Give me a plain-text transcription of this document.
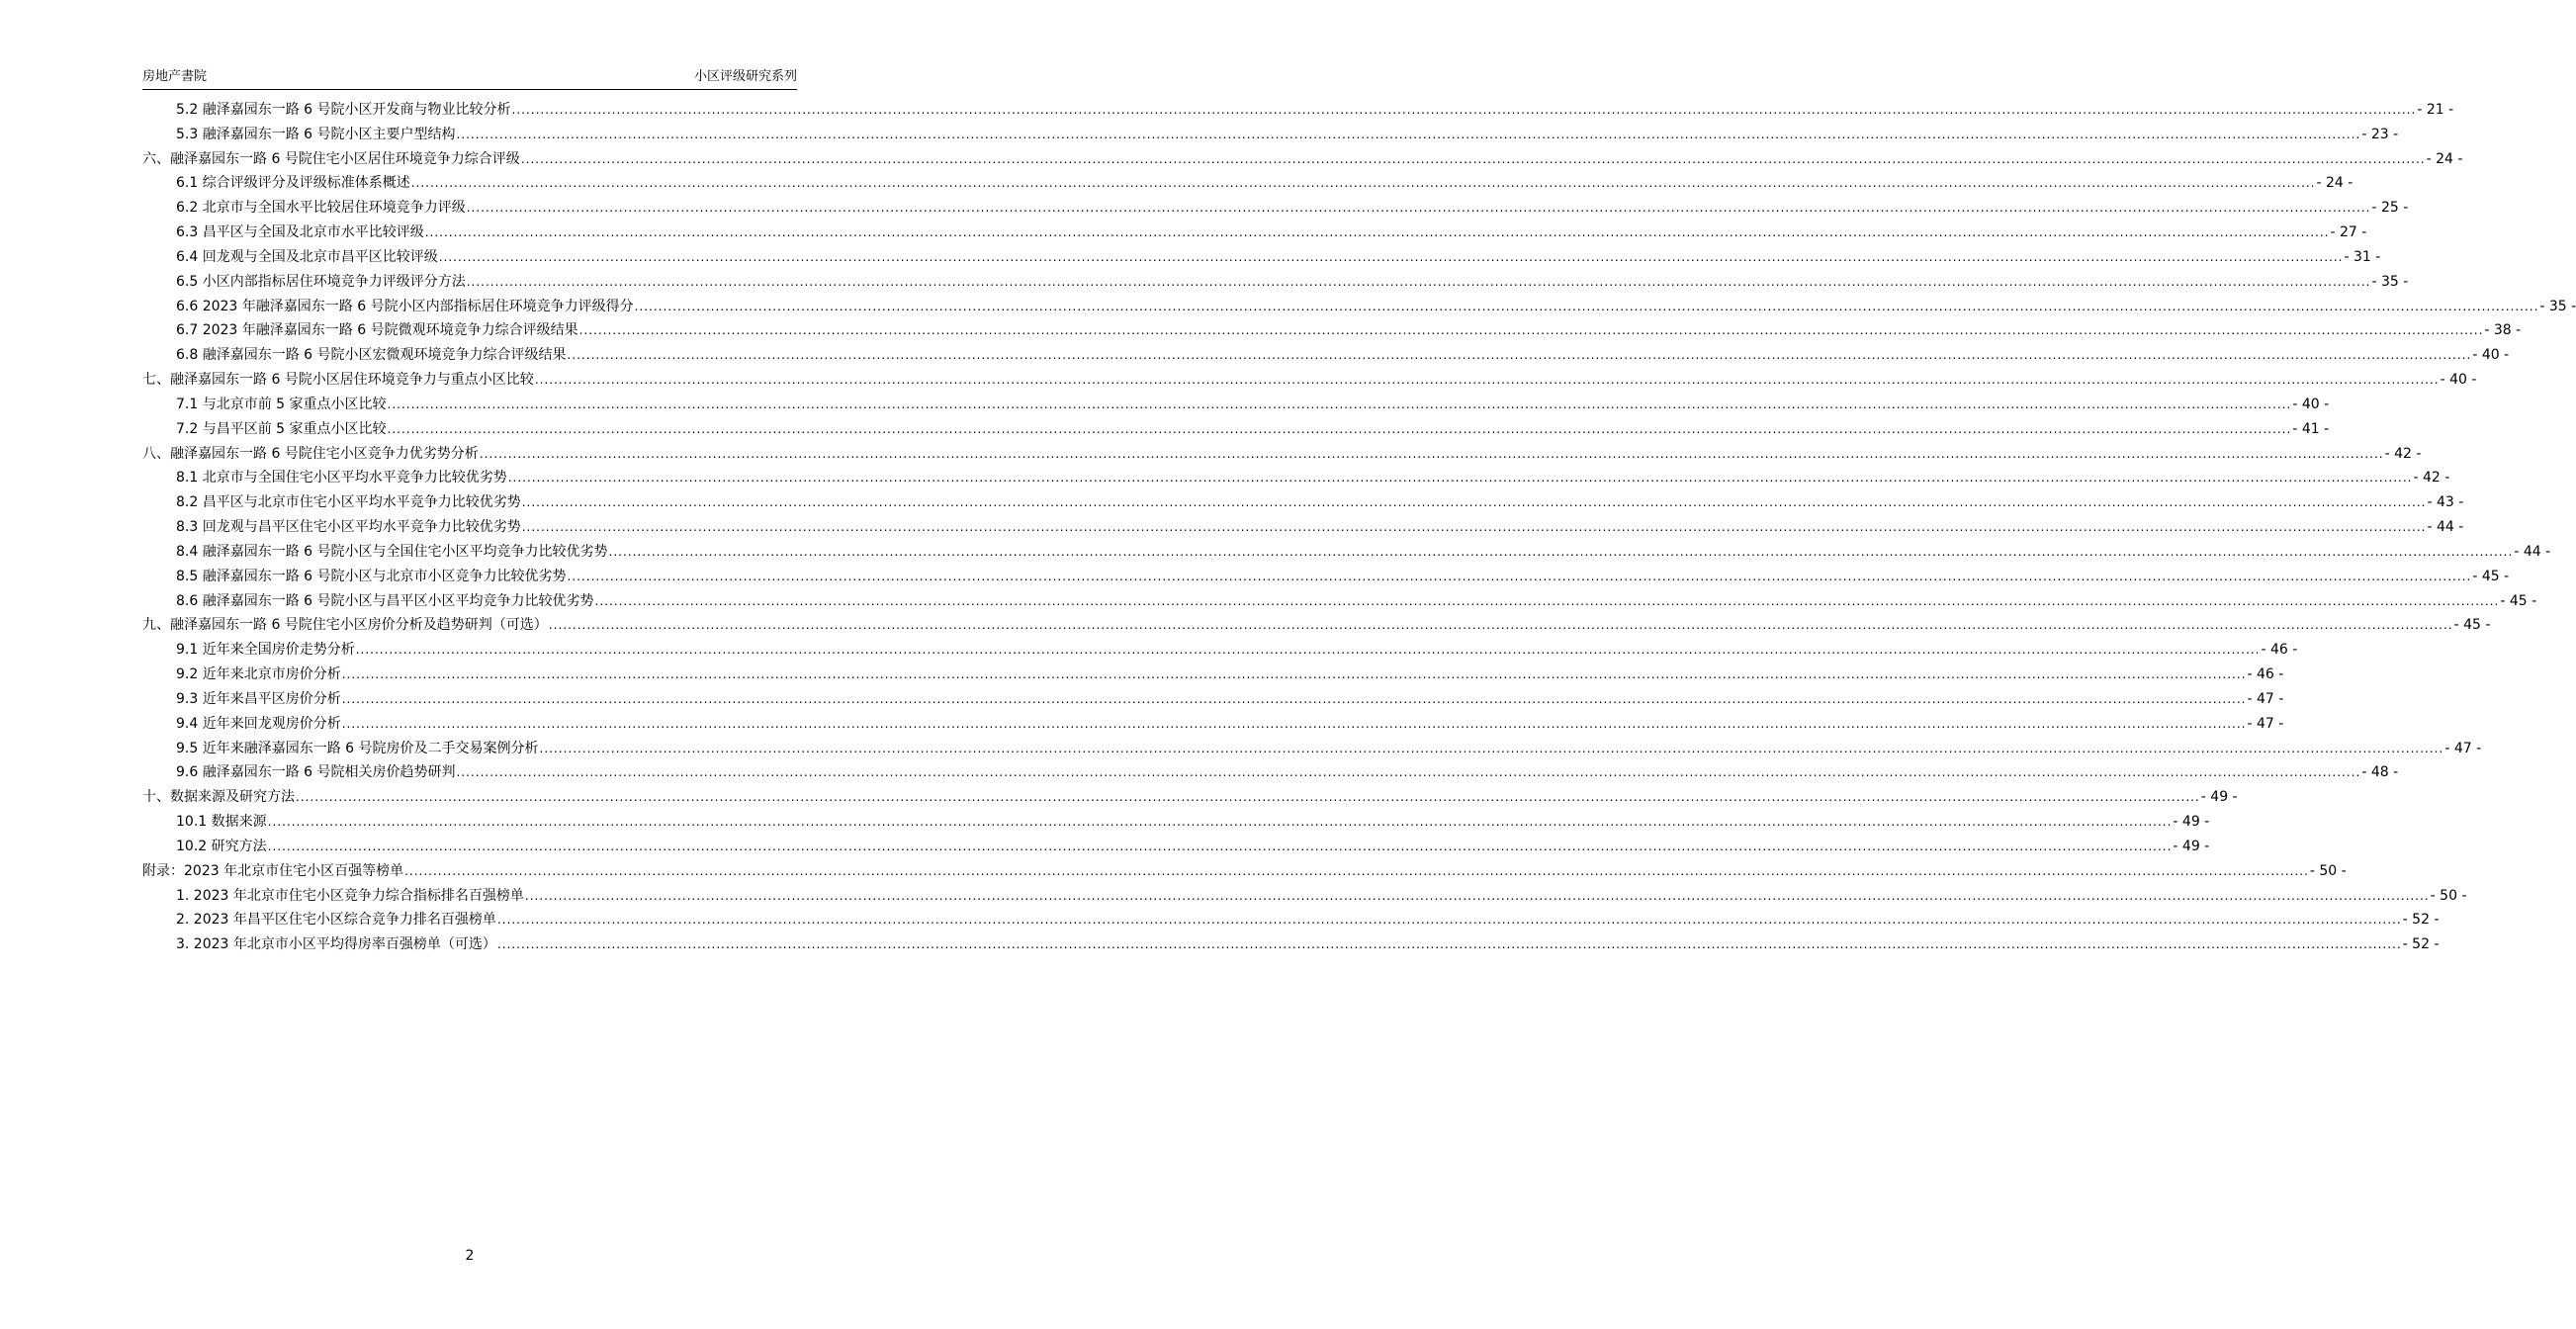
房地产書院	小区评级研究系列
5.2 融泽嘉园东一路 6 号院小区开发商与物业比较分析 ................................................................................................................................................................................................................................................................................................................................................................................................................ - 21 -
5.3 融泽嘉园东一路 6 号院小区主要户型结构 ................................................................................................................................................................................................................................................................................................................................................................................................................ - 23 -
六、融泽嘉园东一路 6 号院住宅小区居住环境竞争力综合评级 ................................................................................................................................................................................................................................................................................................................................................................................................................ - 24 -
6.1 综合评级评分及评级标准体系概述 ................................................................................................................................................................................................................................................................................................................................................................................................................ - 24 -
6.2 北京市与全国水平比较居住环境竞争力评级 ................................................................................................................................................................................................................................................................................................................................................................................................................ - 25 -
6.3 昌平区与全国及北京市水平比较评级 ................................................................................................................................................................................................................................................................................................................................................................................................................ - 27 -
6.4 回龙观与全国及北京市昌平区比较评级 ................................................................................................................................................................................................................................................................................................................................................................................................................ - 31 -
6.5 小区内部指标居住环境竞争力评级评分方法 ................................................................................................................................................................................................................................................................................................................................................................................................................ - 35 -
6.6 2023 年融泽嘉园东一路 6 号院小区内部指标居住环境竞争力评级得分 ................................................................................................................................................................................................................................................................................................................................................................................................................ - 35 -
6.7 2023 年融泽嘉园东一路 6 号院微观环境竞争力综合评级结果 ................................................................................................................................................................................................................................................................................................................................................................................................................ - 38 -
6.8 融泽嘉园东一路 6 号院小区宏微观环境竞争力综合评级结果 ................................................................................................................................................................................................................................................................................................................................................................................................................ - 40 -
七、融泽嘉园东一路 6 号院小区居住环境竞争力与重点小区比较 ................................................................................................................................................................................................................................................................................................................................................................................................................ - 40 -
7.1 与北京市前 5 家重点小区比较 ................................................................................................................................................................................................................................................................................................................................................................................................................ - 40 -
7.2 与昌平区前 5 家重点小区比较 ................................................................................................................................................................................................................................................................................................................................................................................................................ - 41 -
八、融泽嘉园东一路 6 号院住宅小区竞争力优劣势分析 ................................................................................................................................................................................................................................................................................................................................................................................................................ - 42 -
8.1 北京市与全国住宅小区平均水平竞争力比较优劣势 ................................................................................................................................................................................................................................................................................................................................................................................................................ - 42 -
8.2 昌平区与北京市住宅小区平均水平竞争力比较优劣势 ................................................................................................................................................................................................................................................................................................................................................................................................................ - 43 -
8.3 回龙观与昌平区住宅小区平均水平竞争力比较优劣势 ................................................................................................................................................................................................................................................................................................................................................................................................................ - 44 -
8.4 融泽嘉园东一路 6 号院小区与全国住宅小区平均竞争力比较优劣势 ................................................................................................................................................................................................................................................................................................................................................................................................................ - 44 -
8.5 融泽嘉园东一路 6 号院小区与北京市小区竞争力比较优劣势 ................................................................................................................................................................................................................................................................................................................................................................................................................ - 45 -
8.6 融泽嘉园东一路 6 号院小区与昌平区小区平均竞争力比较优劣势 ................................................................................................................................................................................................................................................................................................................................................................................................................ - 45 -
九、融泽嘉园东一路 6 号院住宅小区房价分析及趋势研判（可选） ................................................................................................................................................................................................................................................................................................................................................................................................................ - 45 -
9.1 近年来全国房价走势分析 ................................................................................................................................................................................................................................................................................................................................................................................................................ - 46 -
9.2 近年来北京市房价分析 ................................................................................................................................................................................................................................................................................................................................................................................................................ - 46 -
9.3 近年来昌平区房价分析 ................................................................................................................................................................................................................................................................................................................................................................................................................ - 47 -
9.4 近年来回龙观房价分析 ................................................................................................................................................................................................................................................................................................................................................................................................................ - 47 -
9.5 近年来融泽嘉园东一路 6 号院房价及二手交易案例分析 ................................................................................................................................................................................................................................................................................................................................................................................................................ - 47 -
9.6 融泽嘉园东一路 6 号院相关房价趋势研判 ................................................................................................................................................................................................................................................................................................................................................................................................................ - 48 -
十、数据来源及研究方法 ................................................................................................................................................................................................................................................................................................................................................................................................................ - 49 -
10.1 数据来源 ................................................................................................................................................................................................................................................................................................................................................................................................................ - 49 -
10.2 研究方法 ................................................................................................................................................................................................................................................................................................................................................................................................................ - 49 -
附录：2023 年北京市住宅小区百强等榜单 ................................................................................................................................................................................................................................................................................................................................................................................................................ - 50 -
1. 2023 年北京市住宅小区竞争力综合指标排名百强榜单 ................................................................................................................................................................................................................................................................................................................................................................................................................ - 50 -
2. 2023 年昌平区住宅小区综合竞争力排名百强榜单 ................................................................................................................................................................................................................................................................................................................................................................................................................ - 52 -
3. 2023 年北京市小区平均得房率百强榜单（可选） ................................................................................................................................................................................................................................................................................................................................................................................................................ - 52 -
2
